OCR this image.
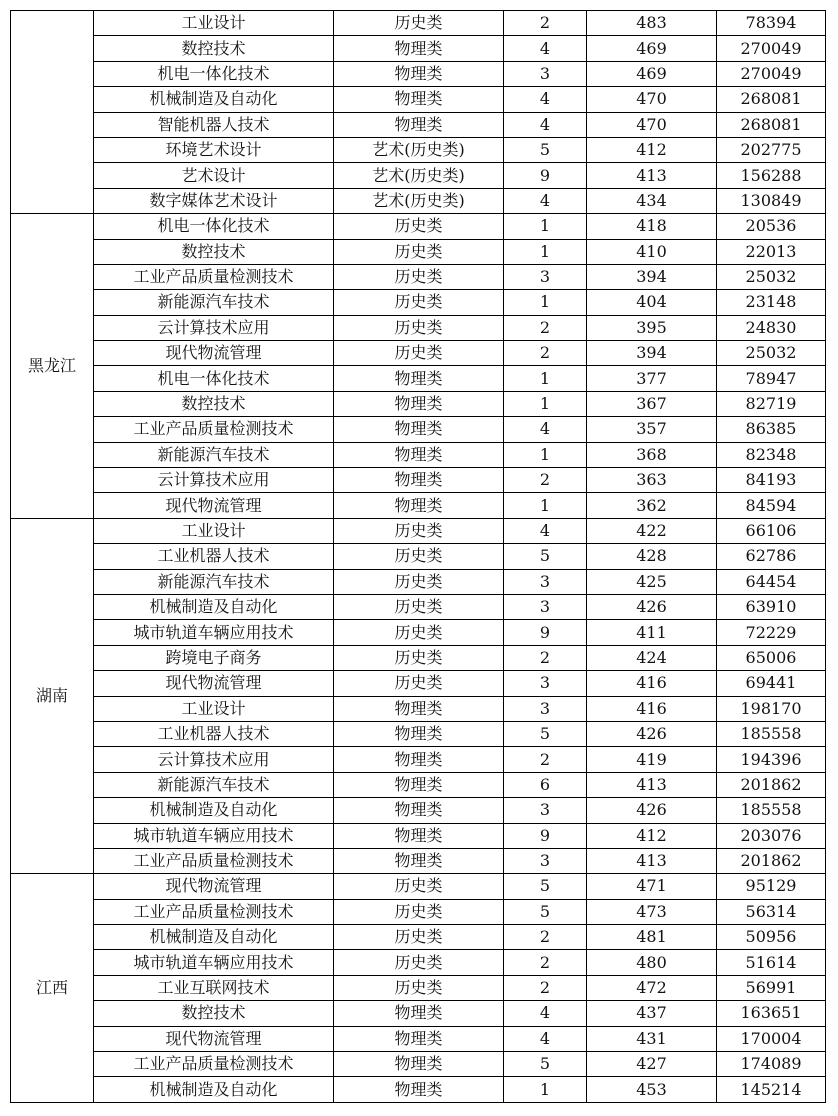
	工业设计	历史类	2	483	78394
	数控技术	物理类	4	469	270049
	机电一体化技术	物理类	3	469	270049
	机械制造及自动化	物理类	4	470	268081
	智能机器人技术	物理类	4	470	268081
	环境艺术设计	艺术(历史类)	5	412	202775
	艺术设计	艺术(历史类)	9	413	156288
	数字媒体艺术设计	艺术(历史类)	4	434	130849
黑龙江	机电一体化技术	历史类	1	418	20536
	数控技术	历史类	1	410	22013
	工业产品质量检测技术	历史类	3	394	25032
	新能源汽车技术	历史类	1	404	23148
	云计算技术应用	历史类	2	395	24830
	现代物流管理	历史类	2	394	25032
	机电一体化技术	物理类	1	377	78947
	数控技术	物理类	1	367	82719
	工业产品质量检测技术	物理类	4	357	86385
	新能源汽车技术	物理类	1	368	82348
	云计算技术应用	物理类	2	363	84193
	现代物流管理	物理类	1	362	84594
湖南	工业设计	历史类	4	422	66106
	工业机器人技术	历史类	5	428	62786
	新能源汽车技术	历史类	3	425	64454
	机械制造及自动化	历史类	3	426	63910
	城市轨道车辆应用技术	历史类	9	411	72229
	跨境电子商务	历史类	2	424	65006
	现代物流管理	历史类	3	416	69441
	工业设计	物理类	3	416	198170
	工业机器人技术	物理类	5	426	185558
	云计算技术应用	物理类	2	419	194396
	新能源汽车技术	物理类	6	413	201862
	机械制造及自动化	物理类	3	426	185558
	城市轨道车辆应用技术	物理类	9	412	203076
	工业产品质量检测技术	物理类	3	413	201862
江西	现代物流管理	历史类	5	471	95129
	工业产品质量检测技术	历史类	5	473	56314
	机械制造及自动化	历史类	2	481	50956
	城市轨道车辆应用技术	历史类	2	480	51614
	工业互联网技术	历史类	2	472	56991
	数控技术	物理类	4	437	163651
	现代物流管理	物理类	4	431	170004
	工业产品质量检测技术	物理类	5	427	174089
	机械制造及自动化	物理类	1	453	145214
